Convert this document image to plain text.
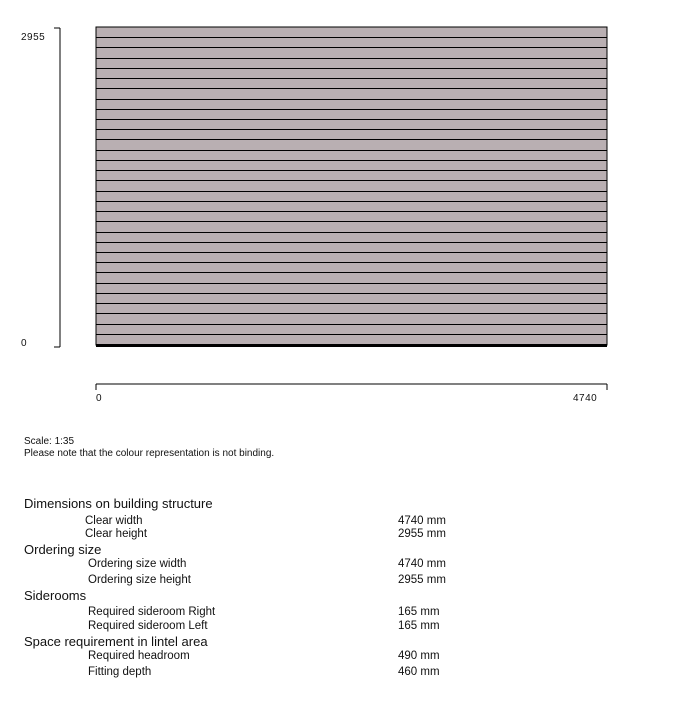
2955
0
0	4740
Scale: 1:35
Please note that the colour representation is not binding.
Dimensions on building structure
Clear width	4740 mm
Clear height	2955 mm
Ordering size
Ordering size width	4740 mm
Ordering size height	2955 mm
Siderooms
Required sideroom Right	165 mm
Required sideroom Left	165 mm
Space requirement in lintel area
Required headroom	490 mm
Fitting depth	460 mm
